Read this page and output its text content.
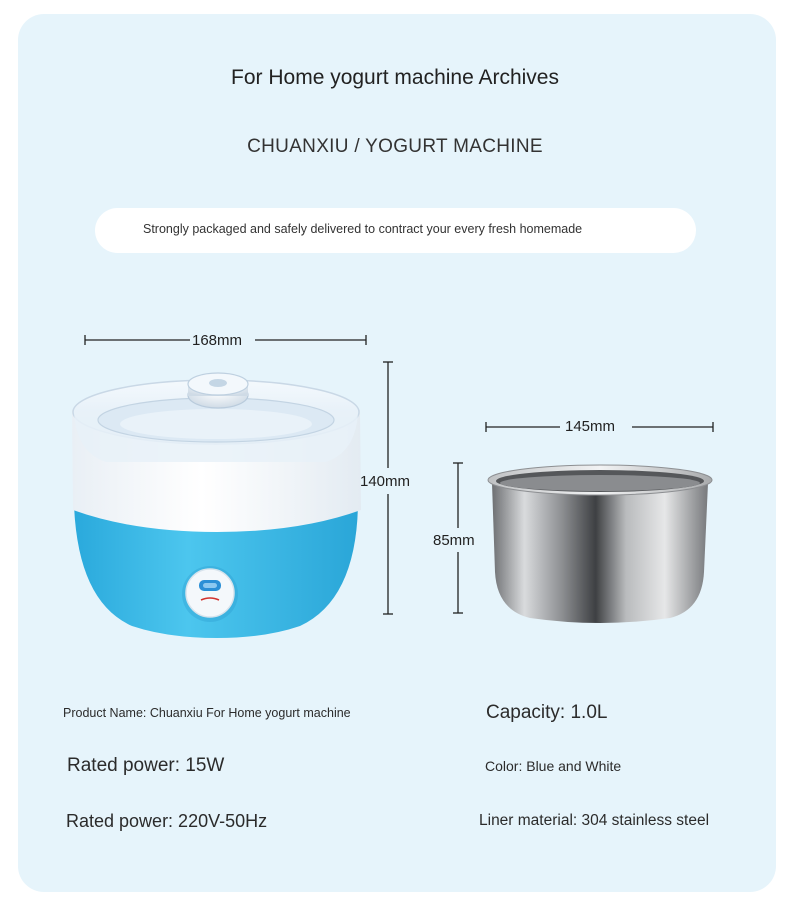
For Home yogurt machine Archives
CHUANXIU / YOGURT MACHINE
Strongly packaged and safely delivered to contract your every fresh homemade
168mm
140mm
145mm
85mm
Product Name: Chuanxiu For Home yogurt machine	Capacity: 1.0L
Rated power: 15W	Color: Blue and White
Rated power: 220V-50Hz	Liner material: 304 stainless steel
